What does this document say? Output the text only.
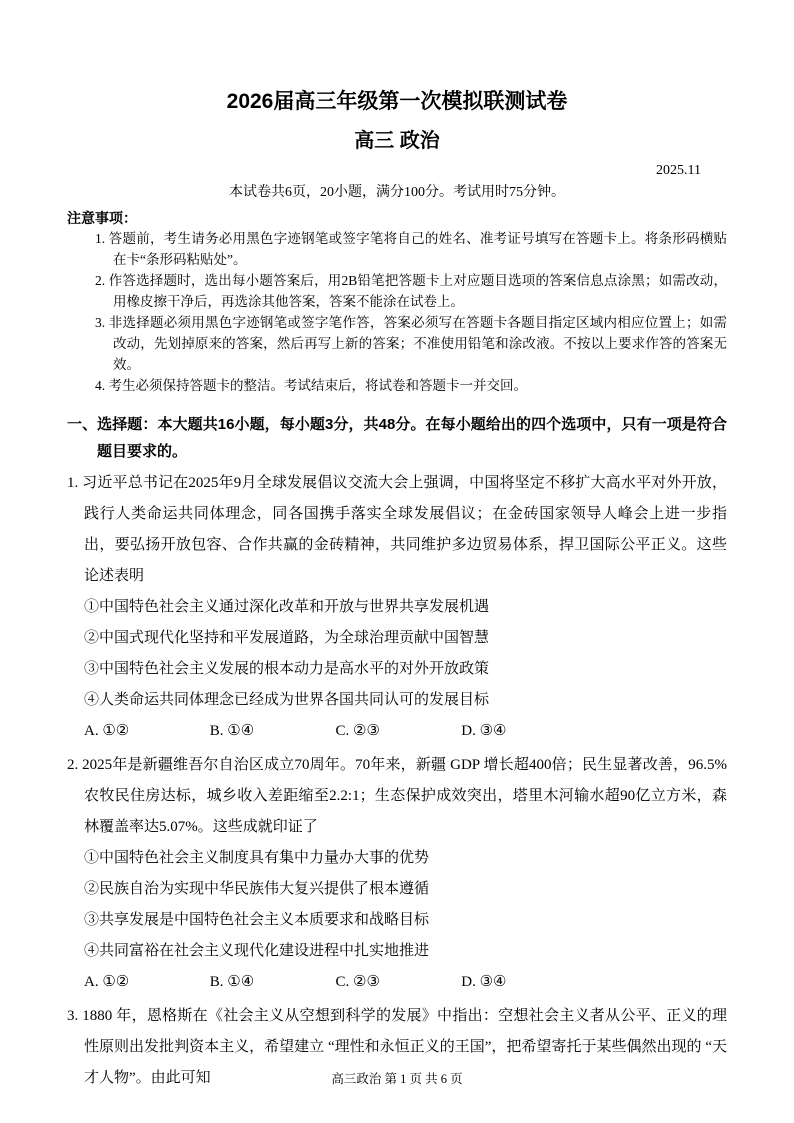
2026届高三年级第一次模拟联测试卷
高三 政治
2025.11
本试卷共6页，20小题，满分100分。考试用时75分钟。
注意事项：
1. 答题前，考生请务必用黑色字迹钢笔或签字笔将自己的姓名、准考证号填写在答题卡上。将条形码横贴在卡“条形码粘贴处”。
2. 作答选择题时，选出每小题答案后，用2B铅笔把答题卡上对应题目选项的答案信息点涂黑；如需改动，用橡皮擦干净后，再选涂其他答案，答案不能涂在试卷上。
3. 非选择题必须用黑色字迹钢笔或签字笔作答，答案必须写在答题卡各题目指定区域内相应位置上；如需改动，先划掉原来的答案，然后再写上新的答案；不准使用铅笔和涂改液。不按以上要求作答的答案无效。
4. 考生必须保持答题卡的整洁。考试结束后，将试卷和答题卡一并交回。
一、选择题：本大题共16小题，每小题3分，共48分。在每小题给出的四个选项中，只有一项是符合题目要求的。
1. 习近平总书记在2025年9月全球发展倡议交流大会上强调，中国将坚定不移扩大高水平对外开放，践行人类命运共同体理念，同各国携手落实全球发展倡议；在金砖国家领导人峰会上进一步指出，要弘扬开放包容、合作共赢的金砖精神，共同维护多边贸易体系，捍卫国际公平正义。这些论述表明
①中国特色社会主义通过深化改革和开放与世界共享发展机遇
②中国式现代化坚持和平发展道路，为全球治理贡献中国智慧
③中国特色社会主义发展的根本动力是高水平的对外开放政策
④人类命运共同体理念已经成为世界各国共同认可的发展目标
A. ①②	B. ①④	C. ②③	D. ③④
2. 2025年是新疆维吾尔自治区成立70周年。70年来，新疆 GDP 增长超400倍；民生显著改善，96.5%农牧民住房达标，城乡收入差距缩至2.2:1；生态保护成效突出，塔里木河输水超90亿立方米，森林覆盖率达5.07%。这些成就印证了
①中国特色社会主义制度具有集中力量办大事的优势
②民族自治为实现中华民族伟大复兴提供了根本遵循
③共享发展是中国特色社会主义本质要求和战略目标
④共同富裕在社会主义现代化建设进程中扎实地推进
A. ①②	B. ①④	C. ②③	D. ③④
3. 1880 年，恩格斯在《社会主义从空想到科学的发展》中指出：空想社会主义者从公平、正义的理性原则出发批判资本主义，希望建立 “理性和永恒正义的王国”，把希望寄托于某些偶然出现的 “天才人物”。由此可知	高三政治 第 1 页 共 6 页
